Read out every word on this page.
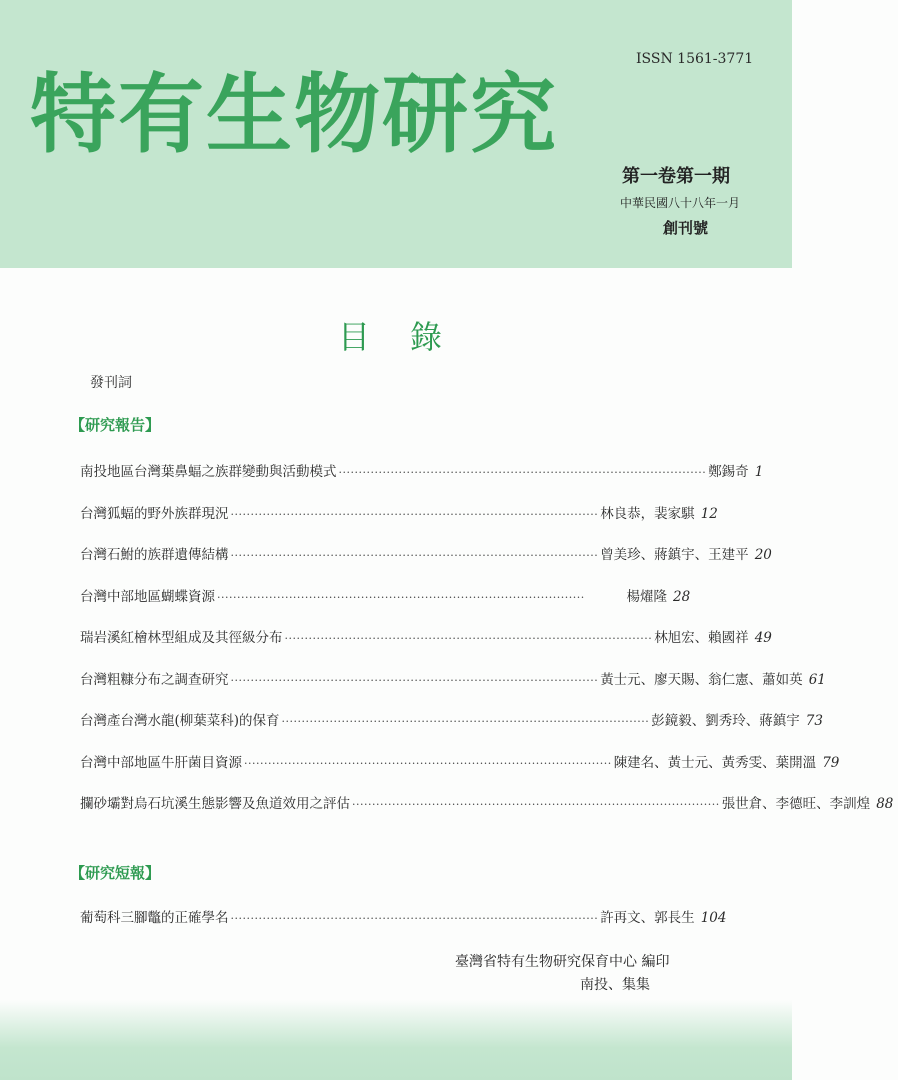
特有生物研究
ISSN 1561-3771
第一卷第一期
中華民國八十八年一月
創刊號
目錄
發刊詞
【研究報告】
南投地區台灣葉鼻蝠之族群變動與活動模式 ···························································································· 鄭錫奇 1
台灣狐蝠的野外族群現況 ···························································································· 林良恭，裴家騏 12
台灣石鮒的族群遺傳結構 ···························································································· 曾美珍、蔣鎮宇、王建平 20
台灣中部地區蝴蝶資源 ····························································································	楊燿隆 28
瑞岩溪紅檜林型組成及其徑級分布 ···························································································· 林旭宏、賴國祥 49
台灣粗糠分布之調查研究 ···························································································· 黃士元、廖天賜、翁仁憲、蕭如英 61
台灣產台灣水龍(柳葉菜科)的保育 ···························································································· 彭鏡毅、劉秀玲、蔣鎮宇 73
台灣中部地區牛肝菌目資源 ···························································································· 陳建名、黃士元、黃秀雯、葉開溫 79
攔砂壩對烏石坑溪生態影響及魚道效用之評估 ···························································································· 張世倉、李德旺、李訓煌 88
【研究短報】
葡萄科三腳鼈的正確學名 ···························································································· 許再文、郭長生 104
臺灣省特有生物研究保育中心 編印
南投、集集
